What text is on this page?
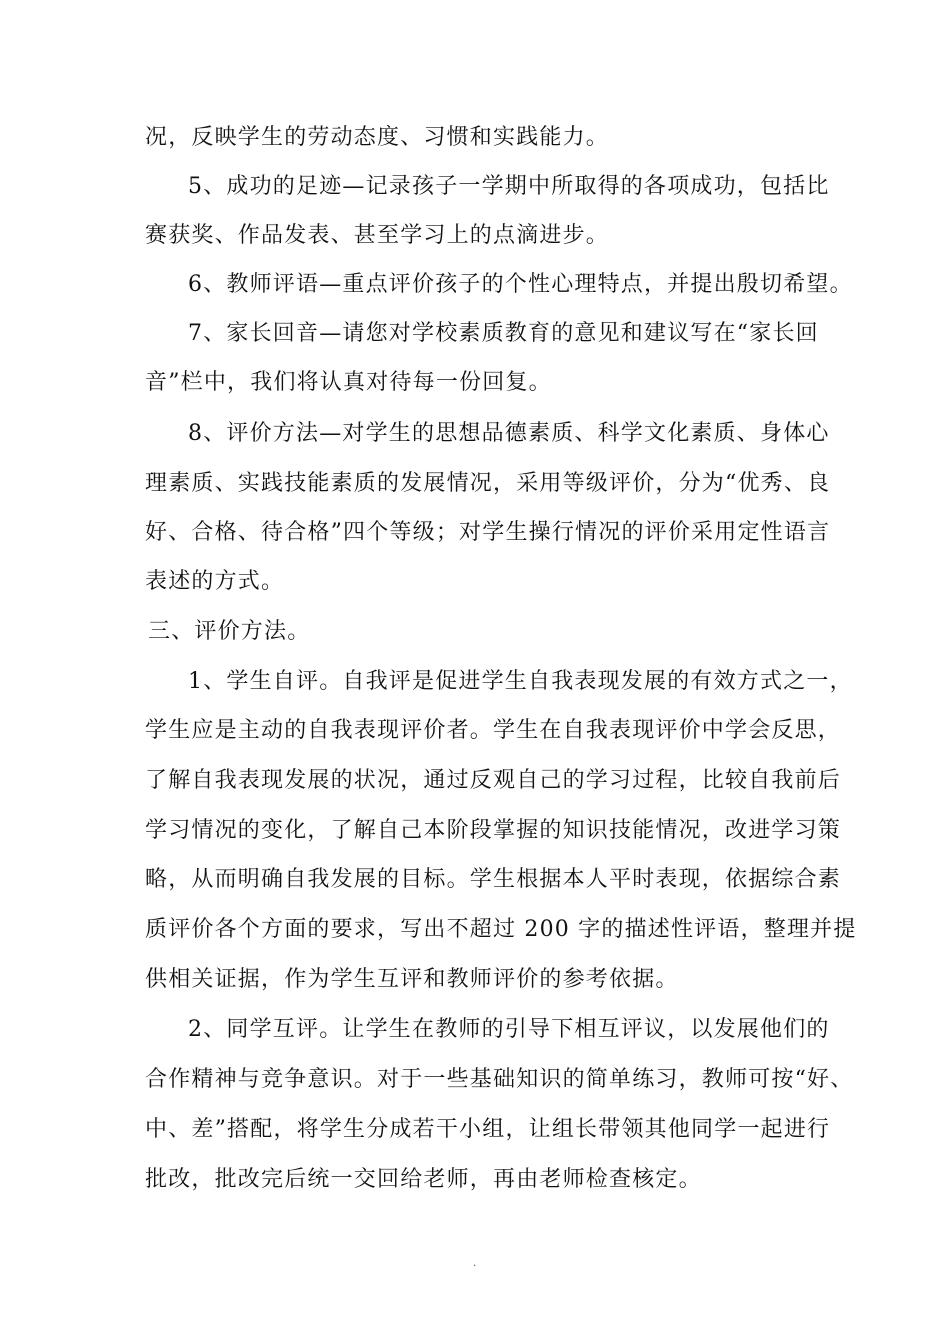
况，反映学生的劳动态度、习惯和实践能力。
5、成功的足迹—记录孩子一学期中所取得的各项成功，包括比
赛获奖、作品发表、甚至学习上的点滴进步。
6、教师评语—重点评价孩子的个性心理特点，并提出殷切希望。
7、家长回音—请您对学校素质教育的意见和建议写在“家长回
音”栏中，我们将认真对待每一份回复。
8、评价方法—对学生的思想品德素质、科学文化素质、身体心
理素质、实践技能素质的发展情况，采用等级评价，分为“优秀、良
好、合格、待合格”四个等级；对学生操行情况的评价采用定性语言
表述的方式。
三、评价方法。
1、学生自评。自我评是促进学生自我表现发展的有效方式之一，
学生应是主动的自我表现评价者。学生在自我表现评价中学会反思，
了解自我表现发展的状况，通过反观自己的学习过程，比较自我前后
学习情况的变化，了解自己本阶段掌握的知识技能情况，改进学习策
略，从而明确自我发展的目标。学生根据本人平时表现，依据综合素
质评价各个方面的要求，写出不超过 200 字的描述性评语，整理并提
供相关证据，作为学生互评和教师评价的参考依据。
2、同学互评。让学生在教师的引导下相互评议，以发展他们的
合作精神与竞争意识。对于一些基础知识的简单练习，教师可按“好、
中、差”搭配，将学生分成若干小组，让组长带领其他同学一起进行
批改，批改完后统一交回给老师，再由老师检查核定。
.
